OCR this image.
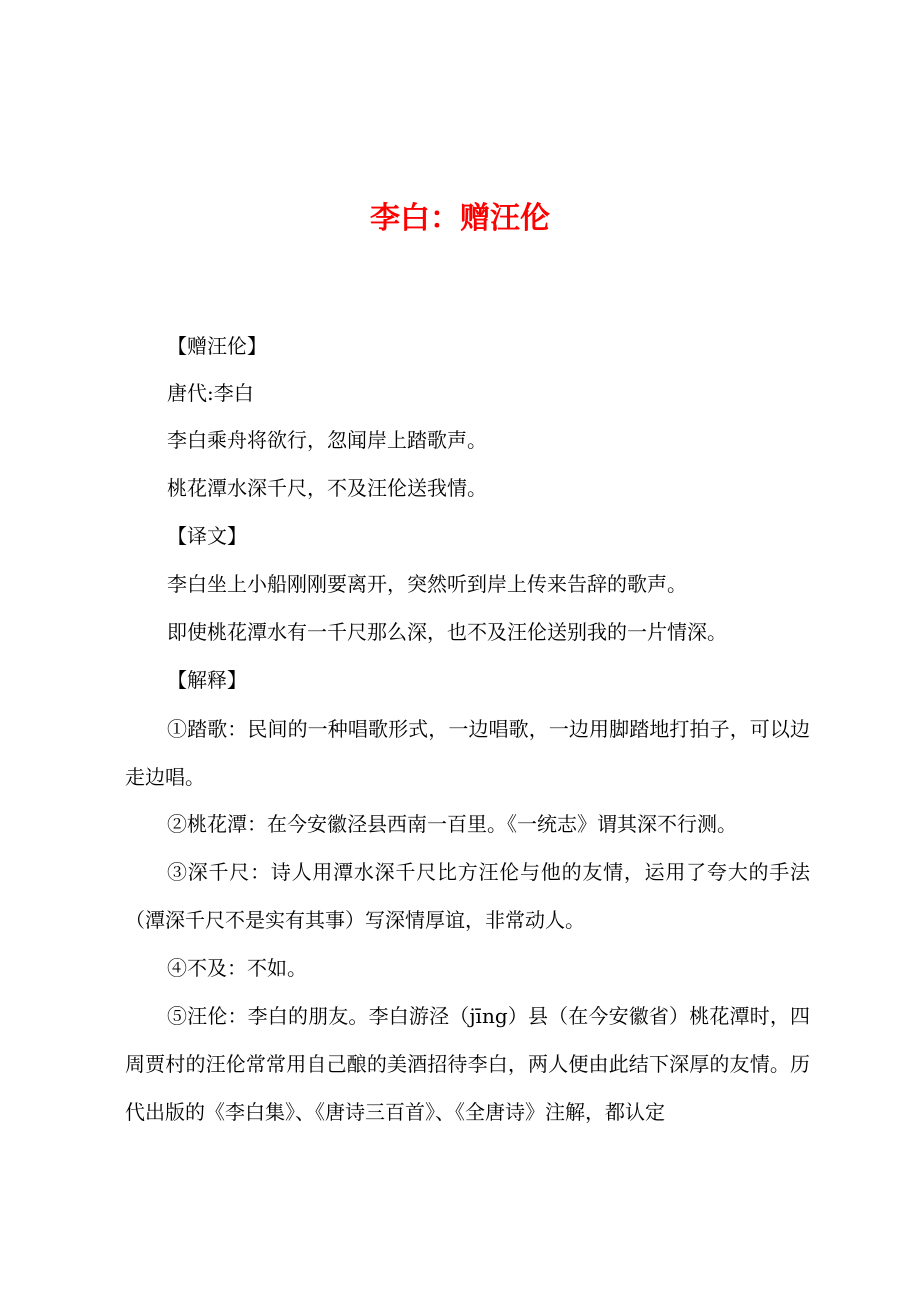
李白：赠汪伦
【赠汪伦】
唐代:李白
李白乘舟将欲行，忽闻岸上踏歌声。
桃花潭水深千尺，不及汪伦送我情。
【译文】
李白坐上小船刚刚要离开，突然听到岸上传来告辞的歌声。
即使桃花潭水有一千尺那么深，也不及汪伦送别我的一片情深。
【解释】
①踏歌：民间的一种唱歌形式，一边唱歌，一边用脚踏地打拍子，可以边走边唱。
②桃花潭：在今安徽泾县西南一百里。《一统志》谓其深不行测。
③深千尺：诗人用潭水深千尺比方汪伦与他的友情，运用了夸大的手法（潭深千尺不是实有其事）写深情厚谊，非常动人。
④不及：不如。
⑤汪伦：李白的朋友。李白游泾（jīng）县（在今安徽省）桃花潭时，四周贾村的汪伦常常用自己酿的美酒招待李白，两人便由此结下深厚的友情。历代出版的《李白集》、《唐诗三百首》、《全唐诗》注解，都认定
